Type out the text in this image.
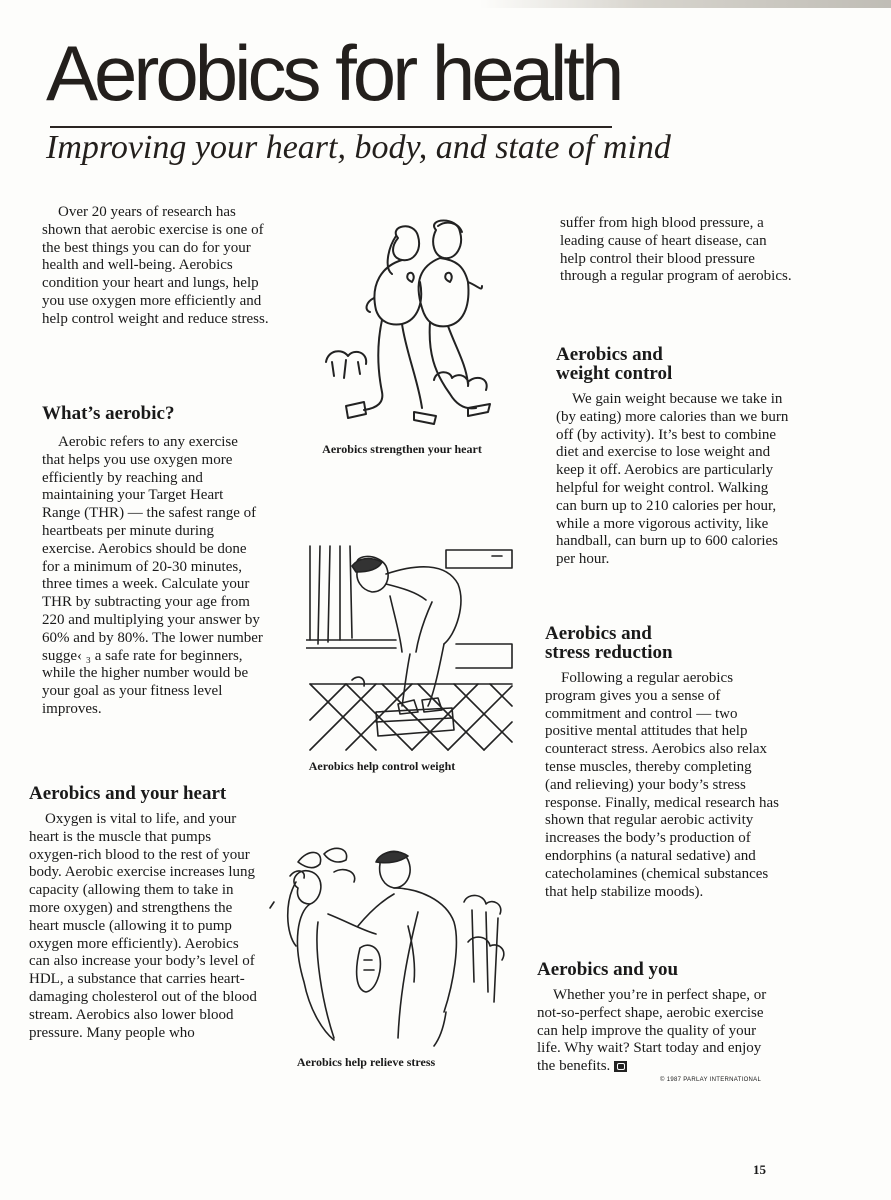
Aerobics for health
Improving your heart, body, and state of mind

Over 20 years of research has shown that aerobic exercise is one of the best things you can do for your health and well-being. Aerobics condition your heart and lungs, help you use oxygen more efficiently and help control weight and reduce stress.

What’s aerobic?

Aerobic refers to any exercise that helps you use oxygen more efficiently by reaching and maintaining your Target Heart Range (THR) — the safest range of heartbeats per minute during exercise. Aerobics should be done for a minimum of 20-30 minutes, three times a week. Calculate your THR by subtracting your age from 220 and multiplying your answer by 60% and by 80%. The lower number sugge‹ ₃ a safe rate for beginners, while the higher number would be your goal as your fitness level improves.

Aerobics and your heart

Oxygen is vital to life, and your heart is the muscle that pumps oxygen-rich blood to the rest of your body. Aerobic exercise increases lung capacity (allowing them to take in more oxygen) and strengthens the heart muscle (allowing it to pump oxygen more efficiently). Aerobics can also increase your body’s level of HDL, a substance that carries heart-damaging cholesterol out of the blood stream. Aerobics also lower blood pressure. Many people who

Aerobics strengthen your heart
Aerobics help control weight
Aerobics help relieve stress

suffer from high blood pressure, a leading cause of heart disease, can help control their blood pressure through a regular program of aerobics.

Aerobics and
weight control

We gain weight because we take in (by eating) more calories than we burn off (by activity). It’s best to combine diet and exercise to lose weight and keep it off. Aerobics are particularly helpful for weight control. Walking can burn up to 210 calories per hour, while a more vigorous activity, like handball, can burn up to 600 calories per hour.

Aerobics and
stress reduction

Following a regular aerobics program gives you a sense of commitment and control — two positive mental attitudes that help counteract stress. Aerobics also relax tense muscles, thereby completing (and relieving) your body’s stress response. Finally, medical research has shown that regular aerobic activity increases the body’s production of endorphins (a natural sedative) and catecholamines (chemical substances that help stabilize moods).

Aerobics and you

Whether you’re in perfect shape, or not-so-perfect shape, aerobic exercise can help improve the quality of your life. Why wait? Start today and enjoy the benefits.

© 1987 PARLAY INTERNATIONAL
15
